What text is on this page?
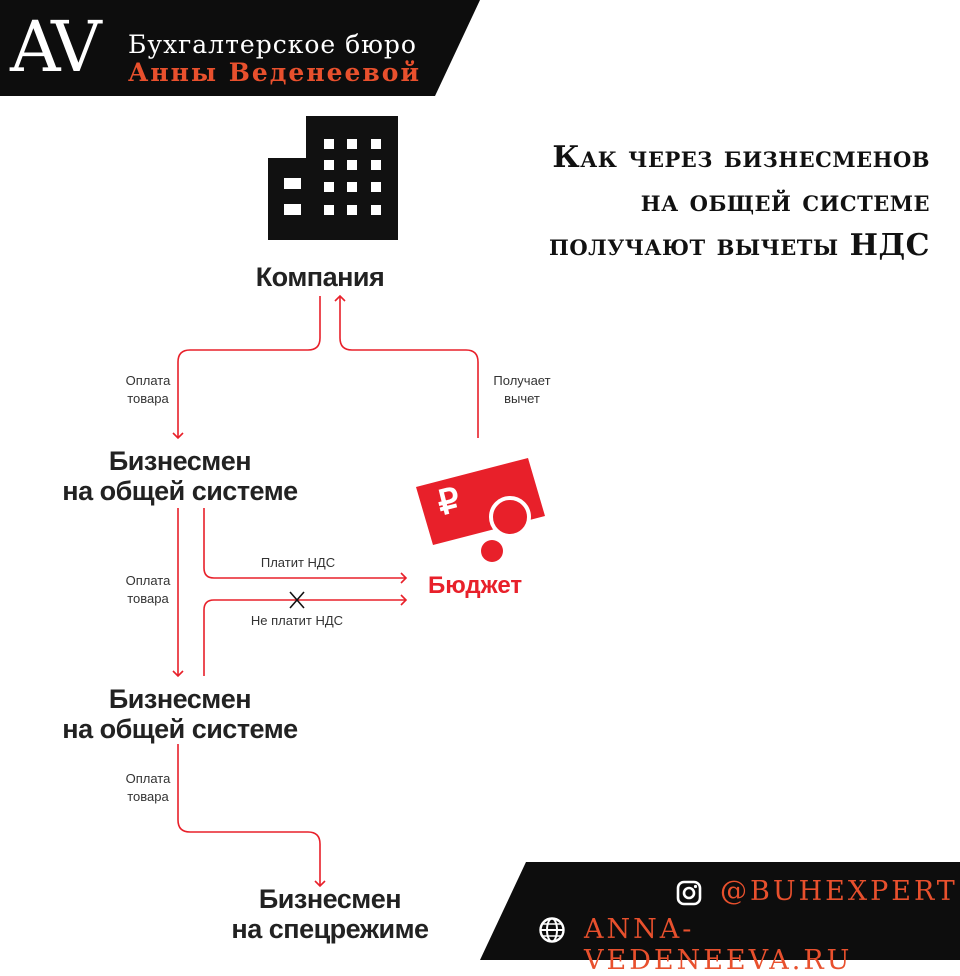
AV Бухгалтерское бюро
Анны Веденеевой
Как через бизнесменов
на общей системе
получают вычеты НДС
₽
Компания
Оплата
товара
Получает
вычет
Бизнесмен
на общей системе
Оплата
товара
Платит НДС
Не платит НДС
Бюджет
Бизнесмен
на общей системе
Оплата
товара
Бизнесмен
на спецрежиме
@BUHEXPERT
ANNA-VEDENEEVA.RU
